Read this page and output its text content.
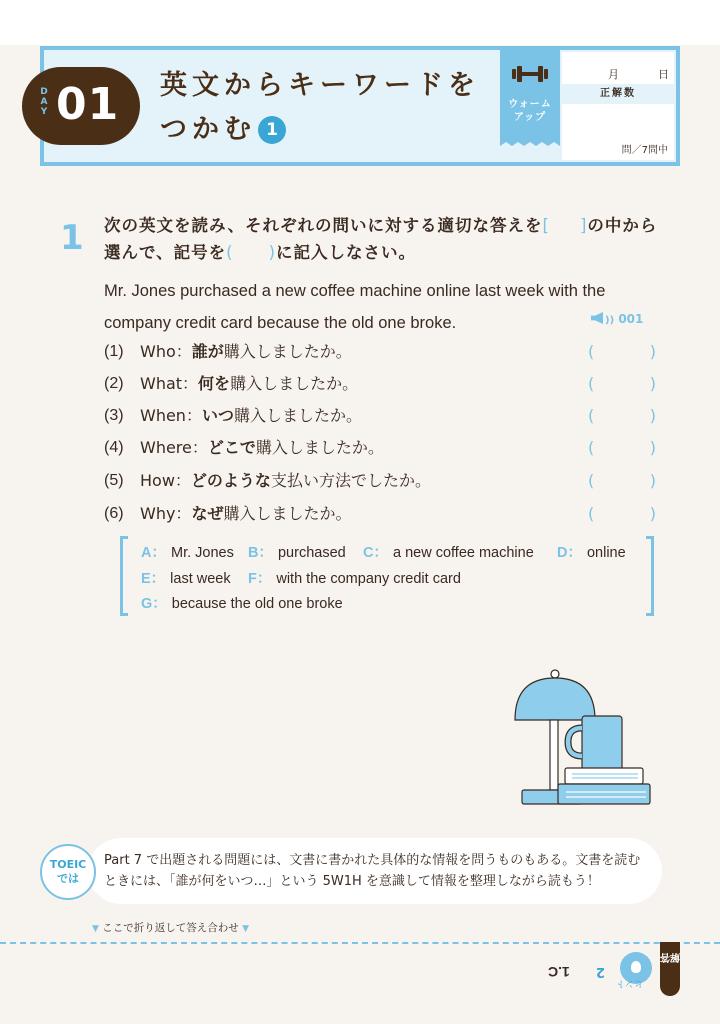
DAY 01 英文からキーワードを
つかむ 1
ウォーム
アップ
月	日
正解数
問／7問中
1 次の英文を読み、それぞれの問いに対する適切な答えを[ ]の中から選んで、記号を(　　)に記入しなさい。
Mr. Jones purchased a new coffee machine online last week with the company credit card because the old one broke.	)) 001
(1) Who：誰が購入しましたか。	(	)
(2) What：何を購入しましたか。	(	)
(3) When：いつ購入しましたか。	(	)
(4) Where：どこで購入しましたか。	(	)
(5) How：どのような支払い方法でしたか。	(	)
(6) Why：なぜ購入しましたか。	(	)
A： Mr. Jones B： purchased C： a new coffee machine D： online
E： last week F： with the company credit card
G： because the old one broke
Part 7 で出題される問題には、文書に書かれた具体的な情報を問うものもある。文書を読むときには、「誰が何をいつ…」という 5W1H を意識して情報を整理しながら読もう！
TOEIC
では
▼ ここで折り返して答え合わせ ▼
1.C 2
ヒント
解答
